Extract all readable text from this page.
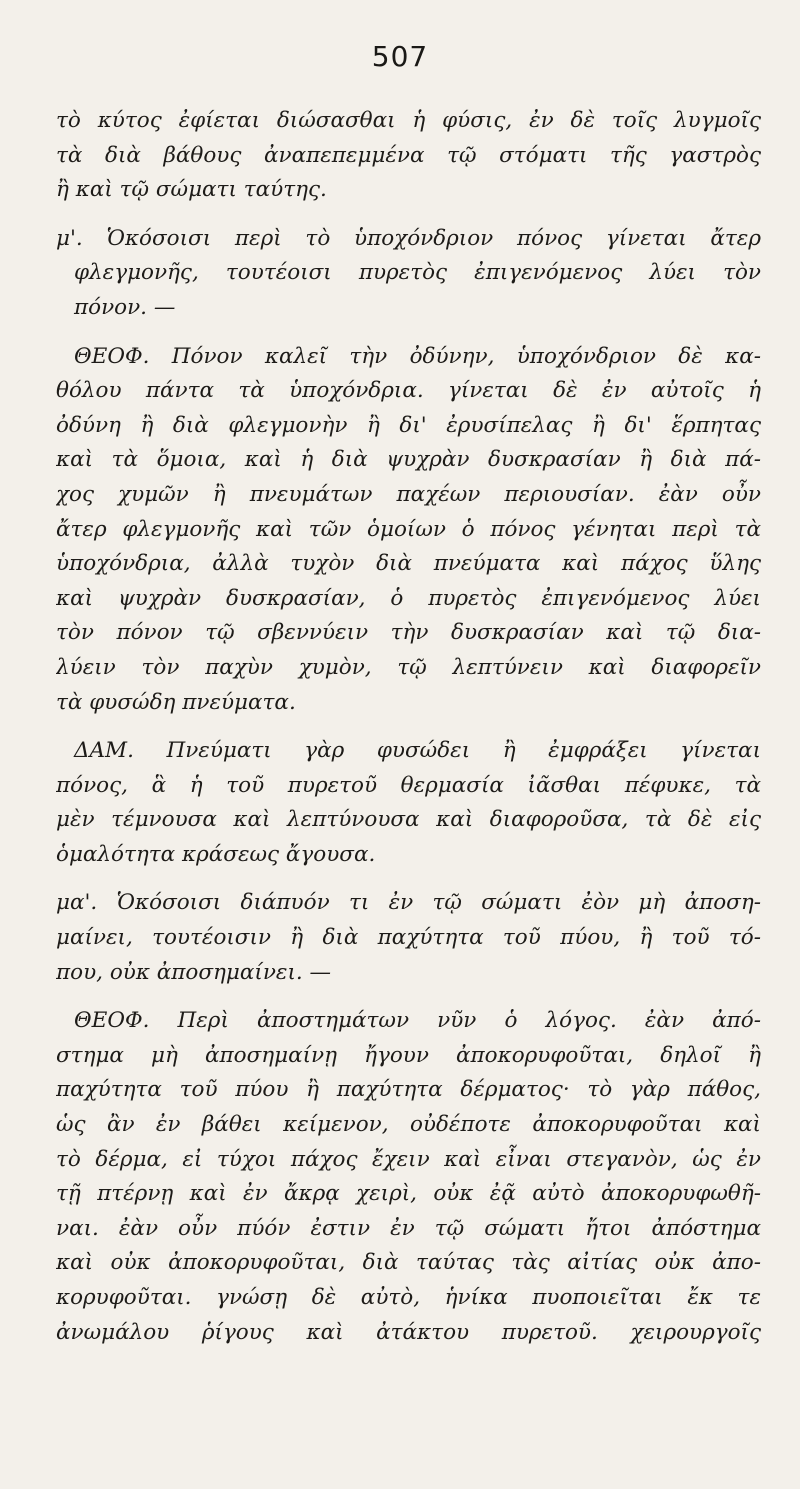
507
τὸ κύτος ἐφίεται διώσασθαι ἡ φύσις, ἐν δὲ τοῖς λυγμοῖς
τὰ διὰ βάθους ἀναπεπεμμένα τῷ στόματι τῆς γαστρὸς
ἢ καὶ τῷ σώματι ταύτης.
μ'. Ὁκόσοισι περὶ τὸ ὑποχόνδριον πόνος γίνεται ἄτερ
φλεγμονῆς, τουτέοισι πυρετὸς ἐπιγενόμενος λύει τὸν
πόνον. —
ΘΕΟΦ. Πόνον καλεῖ τὴν ὀδύνην, ὑποχόνδριον δὲ κα-
θόλου πάντα τὰ ὑποχόνδρια. γίνεται δὲ ἐν αὐτοῖς ἡ
ὀδύνη ἢ διὰ φλεγμονὴν ἢ δι' ἐρυσίπελας ἢ δι' ἕρπητας
καὶ τὰ ὅμοια, καὶ ἡ διὰ ψυχρὰν δυσκρασίαν ἢ διὰ πά-
χος χυμῶν ἢ πνευμάτων παχέων περιουσίαν. ἐὰν οὖν
ἄτερ φλεγμονῆς καὶ τῶν ὁμοίων ὁ πόνος γένηται περὶ τὰ
ὑποχόνδρια, ἀλλὰ τυχὸν διὰ πνεύματα καὶ πάχος ὕλης
καὶ ψυχρὰν δυσκρασίαν, ὁ πυρετὸς ἐπιγενόμενος λύει
τὸν πόνον τῷ σβεννύειν τὴν δυσκρασίαν καὶ τῷ δια-
λύειν τὸν παχὺν χυμὸν, τῷ λεπτύνειν καὶ διαφορεῖν
τὰ φυσώδη πνεύματα.
ΔΑΜ. Πνεύματι γὰρ φυσώδει ἢ ἐμφράξει γίνεται
πόνος, ἃ ἡ τοῦ πυρετοῦ θερμασία ἰᾶσθαι πέφυκε, τὰ
μὲν τέμνουσα καὶ λεπτύνουσα καὶ διαφοροῦσα, τὰ δὲ εἰς
ὁμαλότητα κράσεως ἄγουσα.
μα'. Ὁκόσοισι διάπυόν τι ἐν τῷ σώματι ἐὸν μὴ ἀποση-
μαίνει, τουτέοισιν ἢ διὰ παχύτητα τοῦ πύου, ἢ τοῦ τό-
που, οὐκ ἀποσημαίνει. —
ΘΕΟΦ. Περὶ ἀποστημάτων νῦν ὁ λόγος. ἐὰν ἀπό-
στημα μὴ ἀποσημαίνῃ ἤγουν ἀποκορυφοῦται, δηλοῖ ἢ
παχύτητα τοῦ πύου ἢ παχύτητα δέρματος· τὸ γὰρ πάθος,
ὡς ἂν ἐν βάθει κείμενον, οὐδέποτε ἀποκορυφοῦται καὶ
τὸ δέρμα, εἰ τύχοι πάχος ἔχειν καὶ εἶναι στεγανὸν, ὡς ἐν
τῇ πτέρνῃ καὶ ἐν ἄκρᾳ χειρὶ, οὐκ ἐᾷ αὐτὸ ἀποκορυφωθῆ-
ναι. ἐὰν οὖν πύόν ἐστιν ἐν τῷ σώματι ἤτοι ἀπόστημα
καὶ οὐκ ἀποκορυφοῦται, διὰ ταύτας τὰς αἰτίας οὐκ ἀπο-
κορυφοῦται. γνώσῃ δὲ αὐτὸ, ἡνίκα πυοποιεῖται ἔκ τε
ἀνωμάλου ῥίγους καὶ ἀτάκτου πυρετοῦ. χειρουργοῖς
